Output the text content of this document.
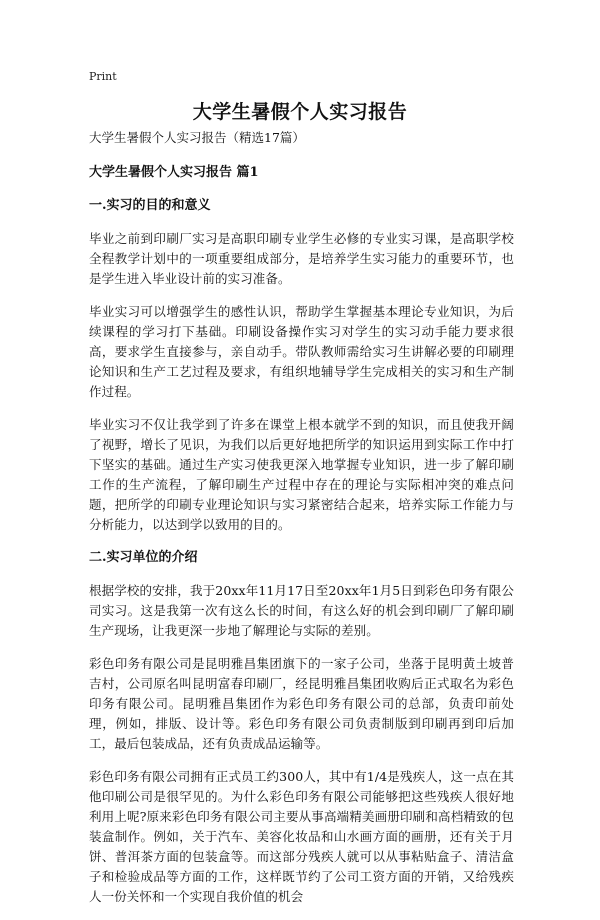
Print
大学生暑假个人实习报告

大学生暑假个人实习报告（精选17篇）

大学生暑假个人实习报告 篇1

一.实习的目的和意义

毕业之前到印刷厂实习是高职印刷专业学生必修的专业实习课，是高职学校全程教学计划中的一项重要组成部分，是培养学生实习能力的重要环节，也是学生进入毕业设计前的实习准备。

毕业实习可以增强学生的感性认识，帮助学生掌握基本理论专业知识，为后续课程的学习打下基础。印刷设备操作实习对学生的实习动手能力要求很高，要求学生直接参与，亲自动手。带队教师需给实习生讲解必要的印刷理论知识和生产工艺过程及要求，有组织地辅导学生完成相关的实习和生产制作过程。

毕业实习不仅让我学到了许多在课堂上根本就学不到的知识，而且使我开阔了视野，增长了见识，为我们以后更好地把所学的知识运用到实际工作中打下坚实的基础。通过生产实习使我更深入地掌握专业知识，进一步了解印刷工作的生产流程，了解印刷生产过程中存在的理论与实际相冲突的难点问题，把所学的印刷专业理论知识与实习紧密结合起来，培养实际工作能力与分析能力，以达到学以致用的目的。

二.实习单位的介绍

根据学校的安排，我于20xx年11月17日至20xx年1月5日到彩色印务有限公司实习。这是我第一次有这么长的时间，有这么好的机会到印刷厂了解印刷生产现场，让我更深一步地了解理论与实际的差别。

彩色印务有限公司是昆明雅昌集团旗下的一家子公司，坐落于昆明黄土坡普吉村，公司原名叫昆明富春印刷厂，经昆明雅昌集团收购后正式取名为彩色印务有限公司。昆明雅昌集团作为彩色印务有限公司的总部，负责印前处理，例如，排版、设计等。彩色印务有限公司负责制版到印刷再到印后加工，最后包装成品，还有负责成品运输等。

彩色印务有限公司拥有正式员工约300人，其中有1/4是残疾人，这一点在其他印刷公司是很罕见的。为什么彩色印务有限公司能够把这些残疾人很好地利用上呢?原来彩色印务有限公司主要从事高端精美画册印刷和高档精致的包装盒制作。例如，关于汽车、美容化妆品和山水画方面的画册，还有关于月饼、普洱茶方面的包装盒等。而这部分残疾人就可以从事粘贴盒子、清洁盒子和检验成品等方面的工作，这样既节约了公司工资方面的开销，又给残疾人一份关怀和一个实现自我价值的机会
